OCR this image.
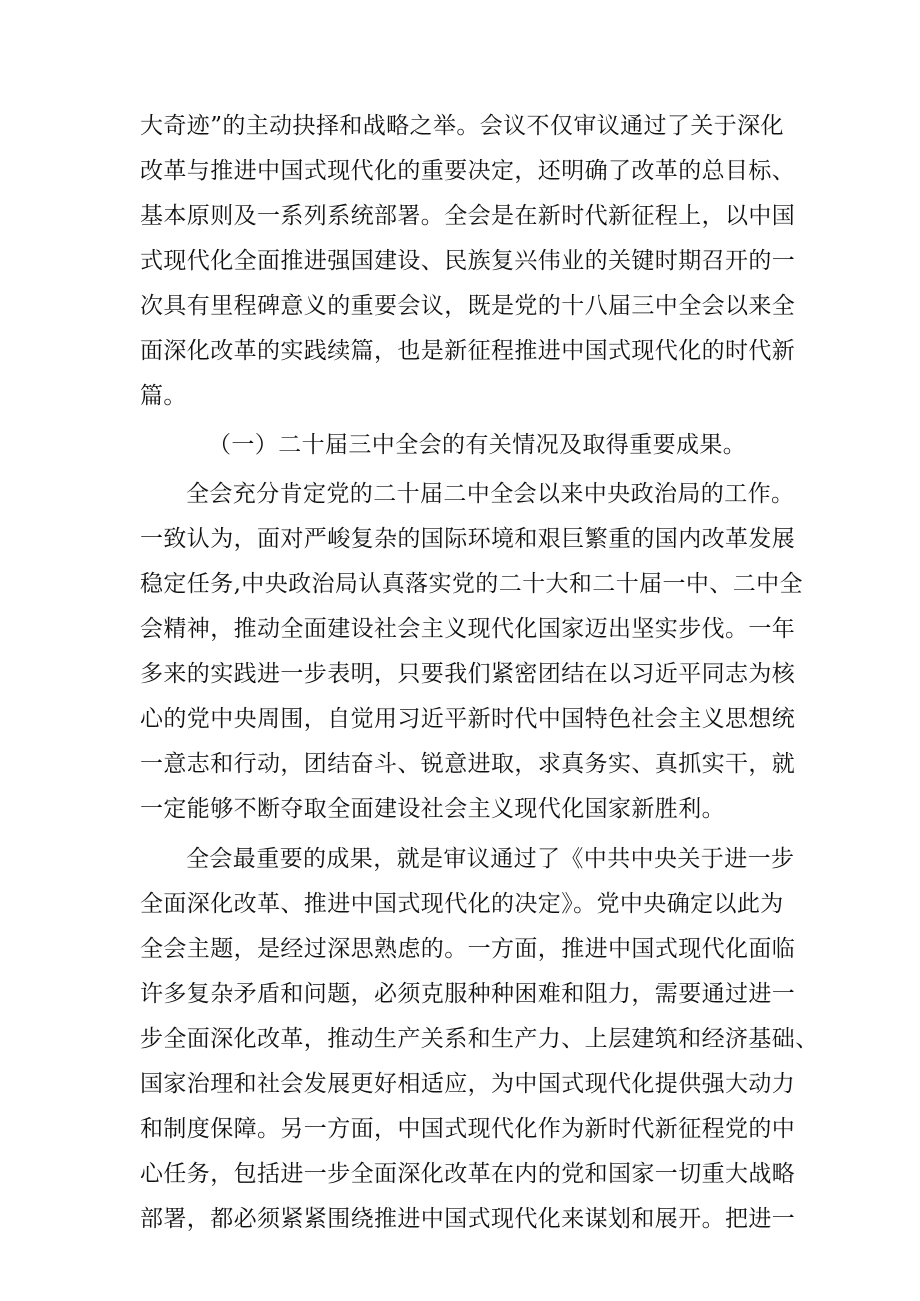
大奇迹”的主动抉择和战略之举。会议不仅审议通过了关于深化
改革与推进中国式现代化的重要决定，还明确了改革的总目标、
基本原则及一系列系统部署。全会是在新时代新征程上，以中国
式现代化全面推进强国建设、民族复兴伟业的关键时期召开的一
次具有里程碑意义的重要会议，既是党的十八届三中全会以来全
面深化改革的实践续篇，也是新征程推进中国式现代化的时代新
篇。
（一）二十届三中全会的有关情况及取得重要成果。
全会充分肯定党的二十届二中全会以来中央政治局的工作。
一致认为，面对严峻复杂的国际环境和艰巨繁重的国内改革发展
稳定任务,中央政治局认真落实党的二十大和二十届一中、二中全
会精神，推动全面建设社会主义现代化国家迈出坚实步伐。一年
多来的实践进一步表明，只要我们紧密团结在以习近平同志为核
心的党中央周围，自觉用习近平新时代中国特色社会主义思想统
一意志和行动，团结奋斗、锐意进取，求真务实、真抓实干，就
一定能够不断夺取全面建设社会主义现代化国家新胜利。
全会最重要的成果，就是审议通过了《中共中央关于进一步
全面深化改革、推进中国式现代化的决定》。党中央确定以此为
全会主题，是经过深思熟虑的。一方面，推进中国式现代化面临
许多复杂矛盾和问题，必须克服种种困难和阻力，需要通过进一
步全面深化改革，推动生产关系和生产力、上层建筑和经济基础、
国家治理和社会发展更好相适应，为中国式现代化提供强大动力
和制度保障。另一方面，中国式现代化作为新时代新征程党的中
心任务，包括进一步全面深化改革在内的党和国家一切重大战略
部署，都必须紧紧围绕推进中国式现代化来谋划和展开。把进一
